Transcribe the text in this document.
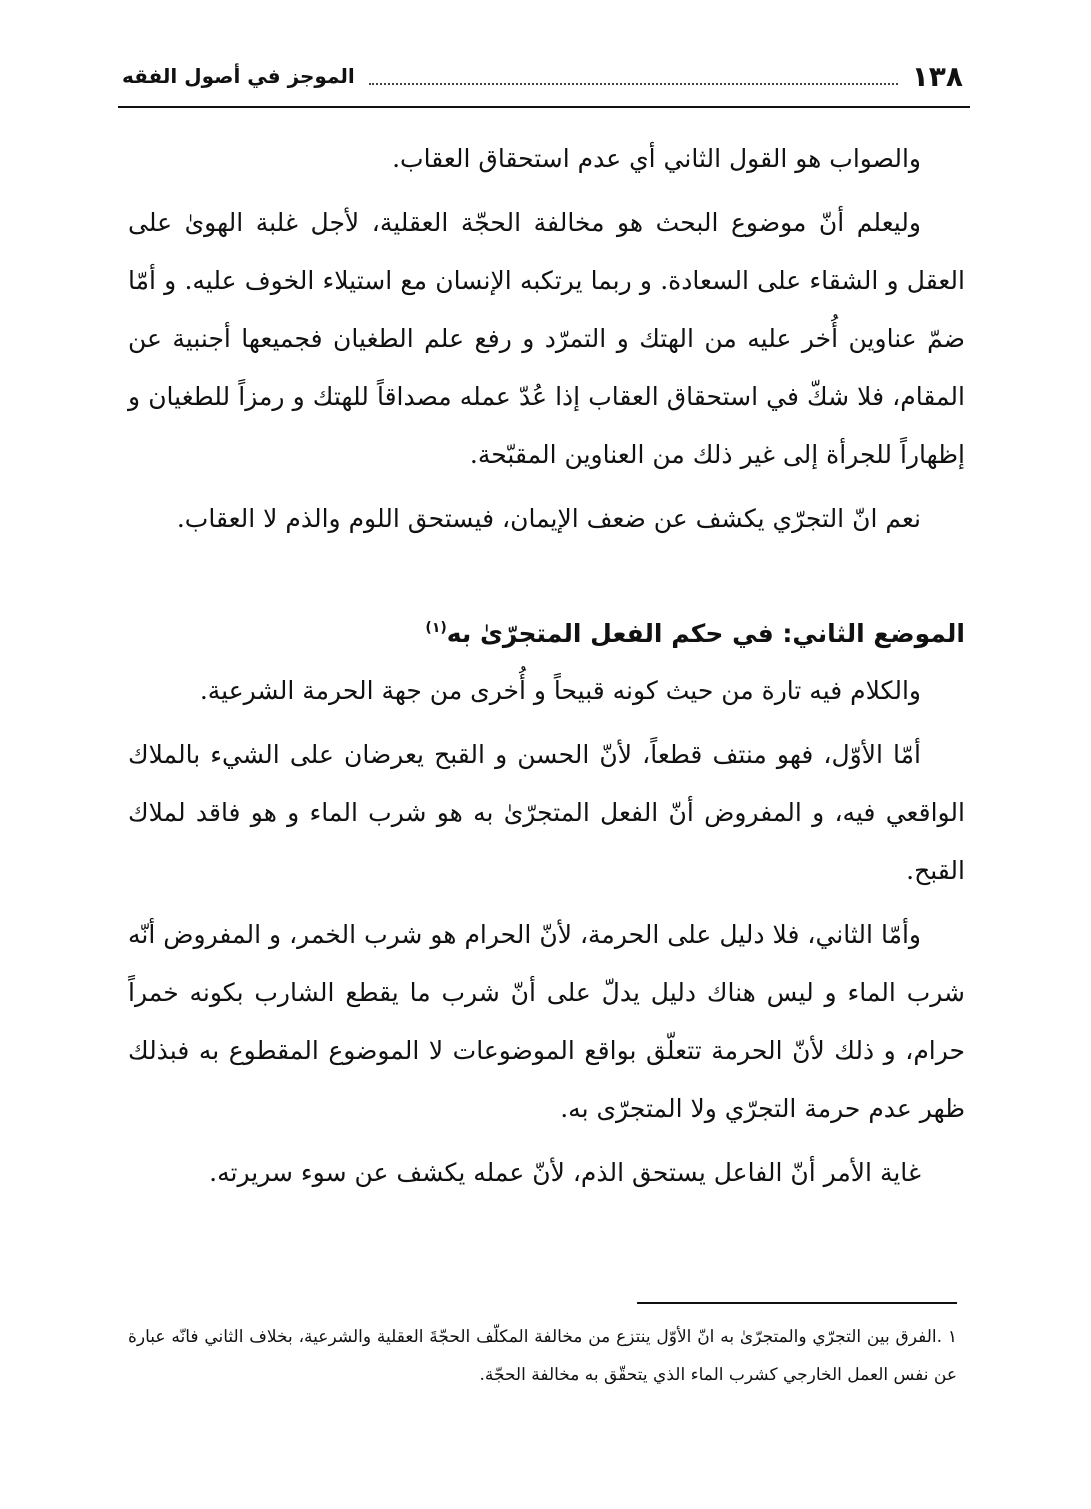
١٣٨
الموجز في أصول الفقه

والصواب هو القول الثاني أي عدم استحقاق العقاب.

وليعلم أنّ موضوع البحث هو مخالفة الحجّة العقلية، لأجل غلبة الهوىٰ على العقل و الشقاء على السعادة. و ربما يرتكبه الإنسان مع استيلاء الخوف عليه. و أمّا ضمّ عناوين أُخر عليه من الهتك و التمرّد و رفع علم الطغيان فجميعها أجنبية عن المقام، فلا شكّ في استحقاق العقاب إذا عُدّ عمله مصداقاً للهتك و رمزاً للطغيان و إظهاراً للجرأة إلى غير ذلك من العناوين المقبّحة.

نعم انّ التجرّي يكشف عن ضعف الإيمان، فيستحق اللوم والذم لا العقاب.

الموضع الثاني: في حكم الفعل المتجرّىٰ به$^{(١)}$

والكلام فيه تارة من حيث كونه قبيحاً و أُخرى من جهة الحرمة الشرعية.

أمّا الأوّل، فهو منتف قطعاً، لأنّ الحسن و القبح يعرضان على الشيء بالملاك الواقعي فيه، و المفروض أنّ الفعل المتجرّىٰ به هو شرب الماء و هو فاقد لملاك القبح.

وأمّا الثاني، فلا دليل على الحرمة، لأنّ الحرام هو شرب الخمر، و المفروض أنّه شرب الماء و ليس هناك دليل يدلّ على أنّ شرب ما يقطع الشارب بكونه خمراً حرام، و ذلك لأنّ الحرمة تتعلّق بواقع الموضوعات لا الموضوع المقطوع به فبذلك ظهر عدم حرمة التجرّي ولا المتجرّى به.

غاية الأمر أنّ الفاعل يستحق الذم، لأنّ عمله يكشف عن سوء سريرته.

١ .الفرق بين التجرّي والمتجرّىٰ به انّ الأوّل ينتزع من مخالفة المكلّف الحجّةَ العقلية والشرعية، بخلاف الثاني فانّه عبارة عن نفس العمل الخارجي كشرب الماء الذي يتحقّق به مخالفة الحجّة.
